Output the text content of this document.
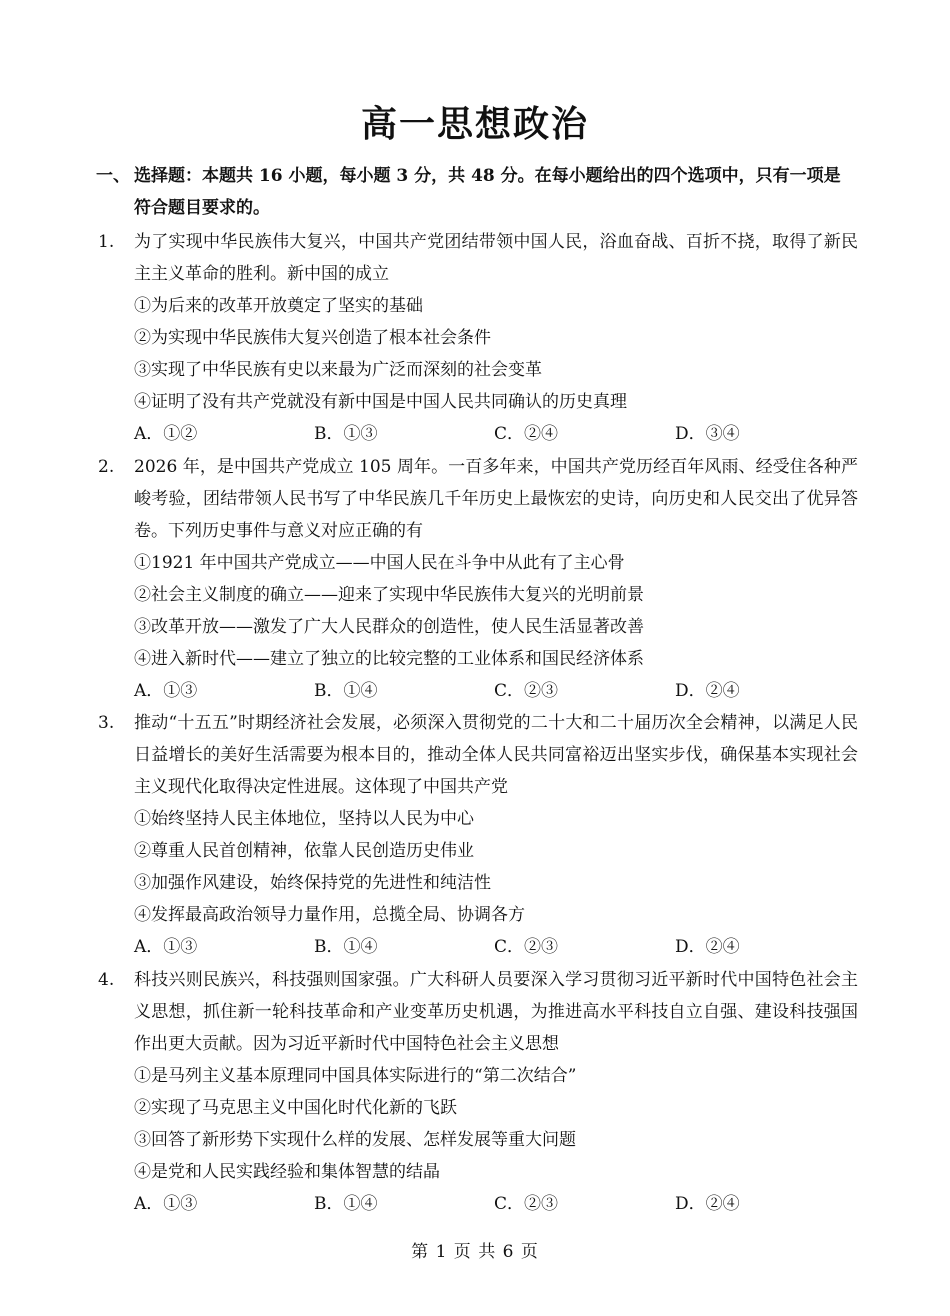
高一思想政治
一、 选择题：本题共 16 小题，每小题 3 分，共 48 分。在每小题给出的四个选项中，只有一项是符合题目要求的。
1.	为了实现中华民族伟大复兴，中国共产党团结带领中国人民，浴血奋战、百折不挠，取得了新民主主义革命的胜利。新中国的成立
①为后来的改革开放奠定了坚实的基础
②为实现中华民族伟大复兴创造了根本社会条件
③实现了中华民族有史以来最为广泛而深刻的社会变革
④证明了没有共产党就没有新中国是中国人民共同确认的历史真理
A．①②	B．①③	C．②④	D．③④
2.	2026 年，是中国共产党成立 105 周年。一百多年来，中国共产党历经百年风雨、经受住各种严峻考验，团结带领人民书写了中华民族几千年历史上最恢宏的史诗，向历史和人民交出了优异答卷。下列历史事件与意义对应正确的有
①1921 年中国共产党成立——中国人民在斗争中从此有了主心骨
②社会主义制度的确立——迎来了实现中华民族伟大复兴的光明前景
③改革开放——激发了广大人民群众的创造性，使人民生活显著改善
④进入新时代——建立了独立的比较完整的工业体系和国民经济体系
A．①③	B．①④	C．②③	D．②④
3.	推动“十五五”时期经济社会发展，必须深入贯彻党的二十大和二十届历次全会精神，以满足人民日益增长的美好生活需要为根本目的，推动全体人民共同富裕迈出坚实步伐，确保基本实现社会主义现代化取得决定性进展。这体现了中国共产党
①始终坚持人民主体地位，坚持以人民为中心
②尊重人民首创精神，依靠人民创造历史伟业
③加强作风建设，始终保持党的先进性和纯洁性
④发挥最高政治领导力量作用，总揽全局、协调各方
A．①③	B．①④	C．②③	D．②④
4.	科技兴则民族兴，科技强则国家强。广大科研人员要深入学习贯彻习近平新时代中国特色社会主义思想，抓住新一轮科技革命和产业变革历史机遇，为推进高水平科技自立自强、建设科技强国作出更大贡献。因为习近平新时代中国特色社会主义思想
①是马列主义基本原理同中国具体实际进行的“第二次结合”
②实现了马克思主义中国化时代化新的飞跃
③回答了新形势下实现什么样的发展、怎样发展等重大问题
④是党和人民实践经验和集体智慧的结晶
A．①③	B．①④	C．②③	D．②④
第 1 页 共 6 页
